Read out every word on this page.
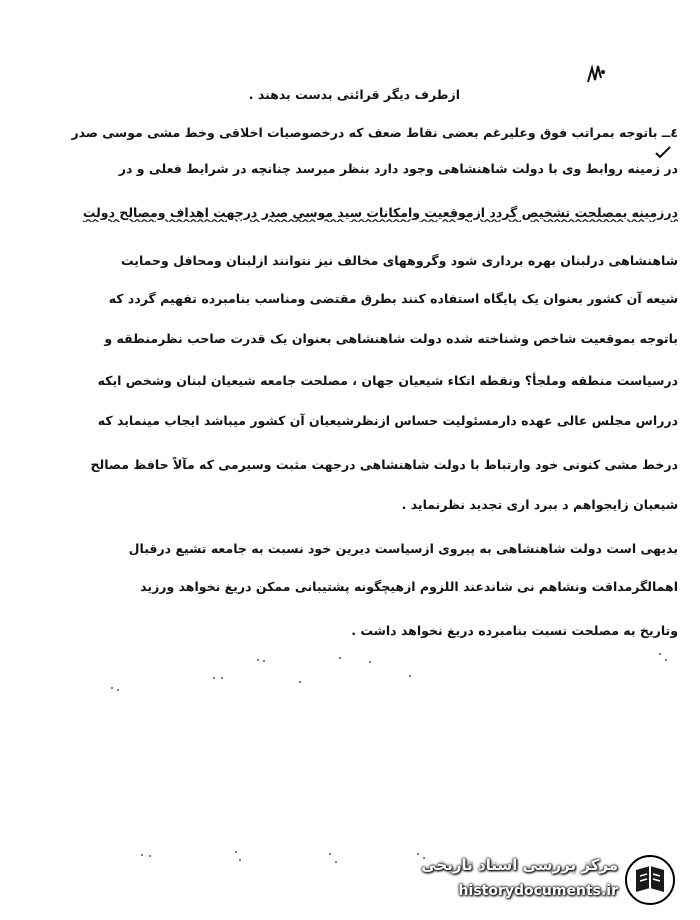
ازطرف دیگر قرائتی بدست بدهند .
٤ــ باتوجه بمراتب فوق وعلیرغم بعضی نقاط ضعف که درخصوصیات اخلاقی وخط مشی موسی صدر
در زمینه روابط وی با دولت شاهنشاهی وجود دارد بنظر میرسد چنانچه در شرایط فعلی و در
درزمینه بمصلحت تشخیص گردد ازموقعیت وامکانات سید موسی صدر درجهت اهداف ومصالح دولت
شاهنشاهی درلبنان بهره برداری شود وگروههای مخالف نیز نتوانند ازلبنان ومحافل وحمایت
شیعه آن کشور بعنوان یک پایگاه استفاده کنند بطرق مقتضی ومناسب بنامبرده تفهیم گردد که
باتوجه بموقعیت شاخص وشناخته شده دولت شاهنشاهی بعنوان یک قدرت صاحب نظرمنطقه و
درسیاست منطقه وملجأ؟ ونقطه اتکاء شیعیان جهان ، مصلحت جامعه شیعیان لبنان وشخص ایکه
درراس مجلس عالی عهده دارمسئولیت حساس ازنظرشیعیان آن کشور میباشد ایجاب مینماید که
درخط مشی کنونی خود وارتباط با دولت شاهنشاهی درجهت مثبت وسیرمی که مآلاً حافظ مصالح
شیعیان زایجواهم د ببرد اری تجدید نظرنماید .
بدیهی است دولت شاهنشاهی به پیروی ازسیاست دیرین خود نسبت به جامعه تشیع درقبال
اهمالگرمداقت ونشاهم نی شاندعند اللزوم ازهیچگونه پشتیبانی ممکن دریغ نخواهد ورزید
وتاریخ به مصلحت نسبت بنامبرده دریغ نخواهد داشت .
مرکز بررسی اسناد تاریخی
historydocuments.ir
